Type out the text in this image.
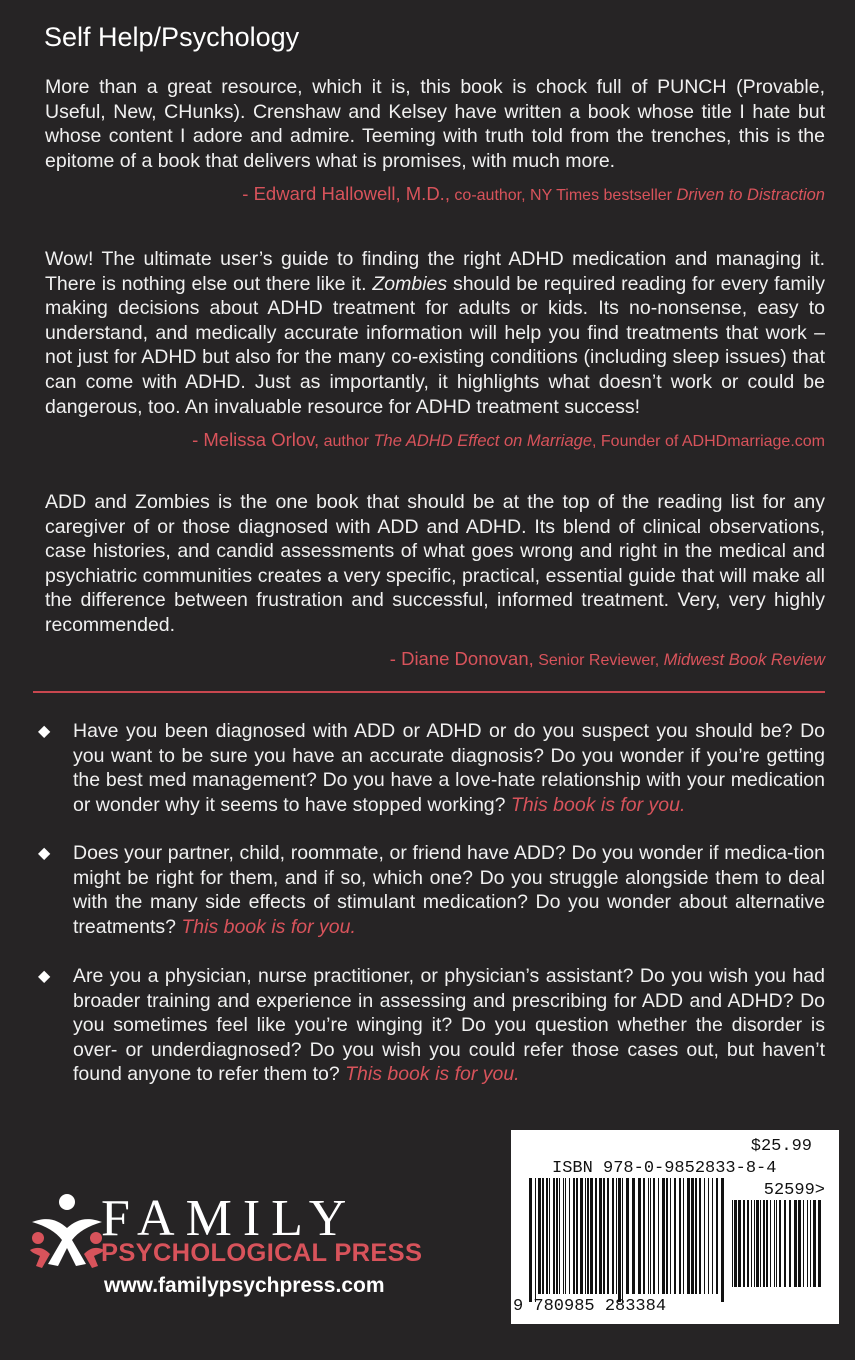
Self Help/Psychology

More than a great resource, which it is, this book is chock full of PUNCH (Provable, Useful, New, CHunks). Crenshaw and Kelsey have written a book whose title I hate but whose content I adore and admire. Teeming with truth told from the trenches, this is the epitome of a book that delivers what is promises, with much more.

- Edward Hallowell, M.D., co-author, NY Times bestseller Driven to Distraction

Wow! The ultimate user’s guide to finding the right ADHD medication and managing it. There is nothing else out there like it. Zombies should be required reading for every family making decisions about ADHD treatment for adults or kids. Its no-nonsense, easy to understand, and medically accurate information will help you find treatments that work – not just for ADHD but also for the many co-existing conditions (including sleep issues) that can come with ADHD. Just as importantly, it highlights what doesn’t work or could be dangerous, too. An invaluable resource for ADHD treatment success!

- Melissa Orlov, author The ADHD Effect on Marriage, Founder of ADHDmarriage.com

ADD and Zombies is the one book that should be at the top of the reading list for any caregiver of or those diagnosed with ADD and ADHD. Its blend of clinical observations, case histories, and candid assessments of what goes wrong and right in the medical and psychiatric communities creates a very specific, practical, essential guide that will make all the difference between frustration and successful, informed treatment. Very, very highly recommended.

- Diane Donovan, Senior Reviewer, Midwest Book Review
◆ Have you been diagnosed with ADD or ADHD or do you suspect you should be? Do you want to be sure you have an accurate diagnosis? Do you wonder if you’re getting the best med management? Do you have a love-hate relationship with your medication or wonder why it seems to have stopped working? This book is for you.

◆ Does your partner, child, roommate, or friend have ADD? Do you wonder if medica-tion might be right for them, and if so, which one? Do you struggle alongside them to deal with the many side effects of stimulant medication? Do you wonder about alternative treatments? This book is for you.

◆ Are you a physician, nurse practitioner, or physician’s assistant? Do you wish you had broader training and experience in assessing and prescribing for ADD and ADHD? Do you sometimes feel like you’re winging it? Do you question whether the disorder is over- or underdiagnosed? Do you wish you could refer those cases out, but haven’t found anyone to refer them to? This book is for you.

FAMILY
PSYCHOLOGICAL PRESS
www.familypsychpress.com
$25.99
ISBN 978-0-9852833-8-4
52599>
9 780985 283384
